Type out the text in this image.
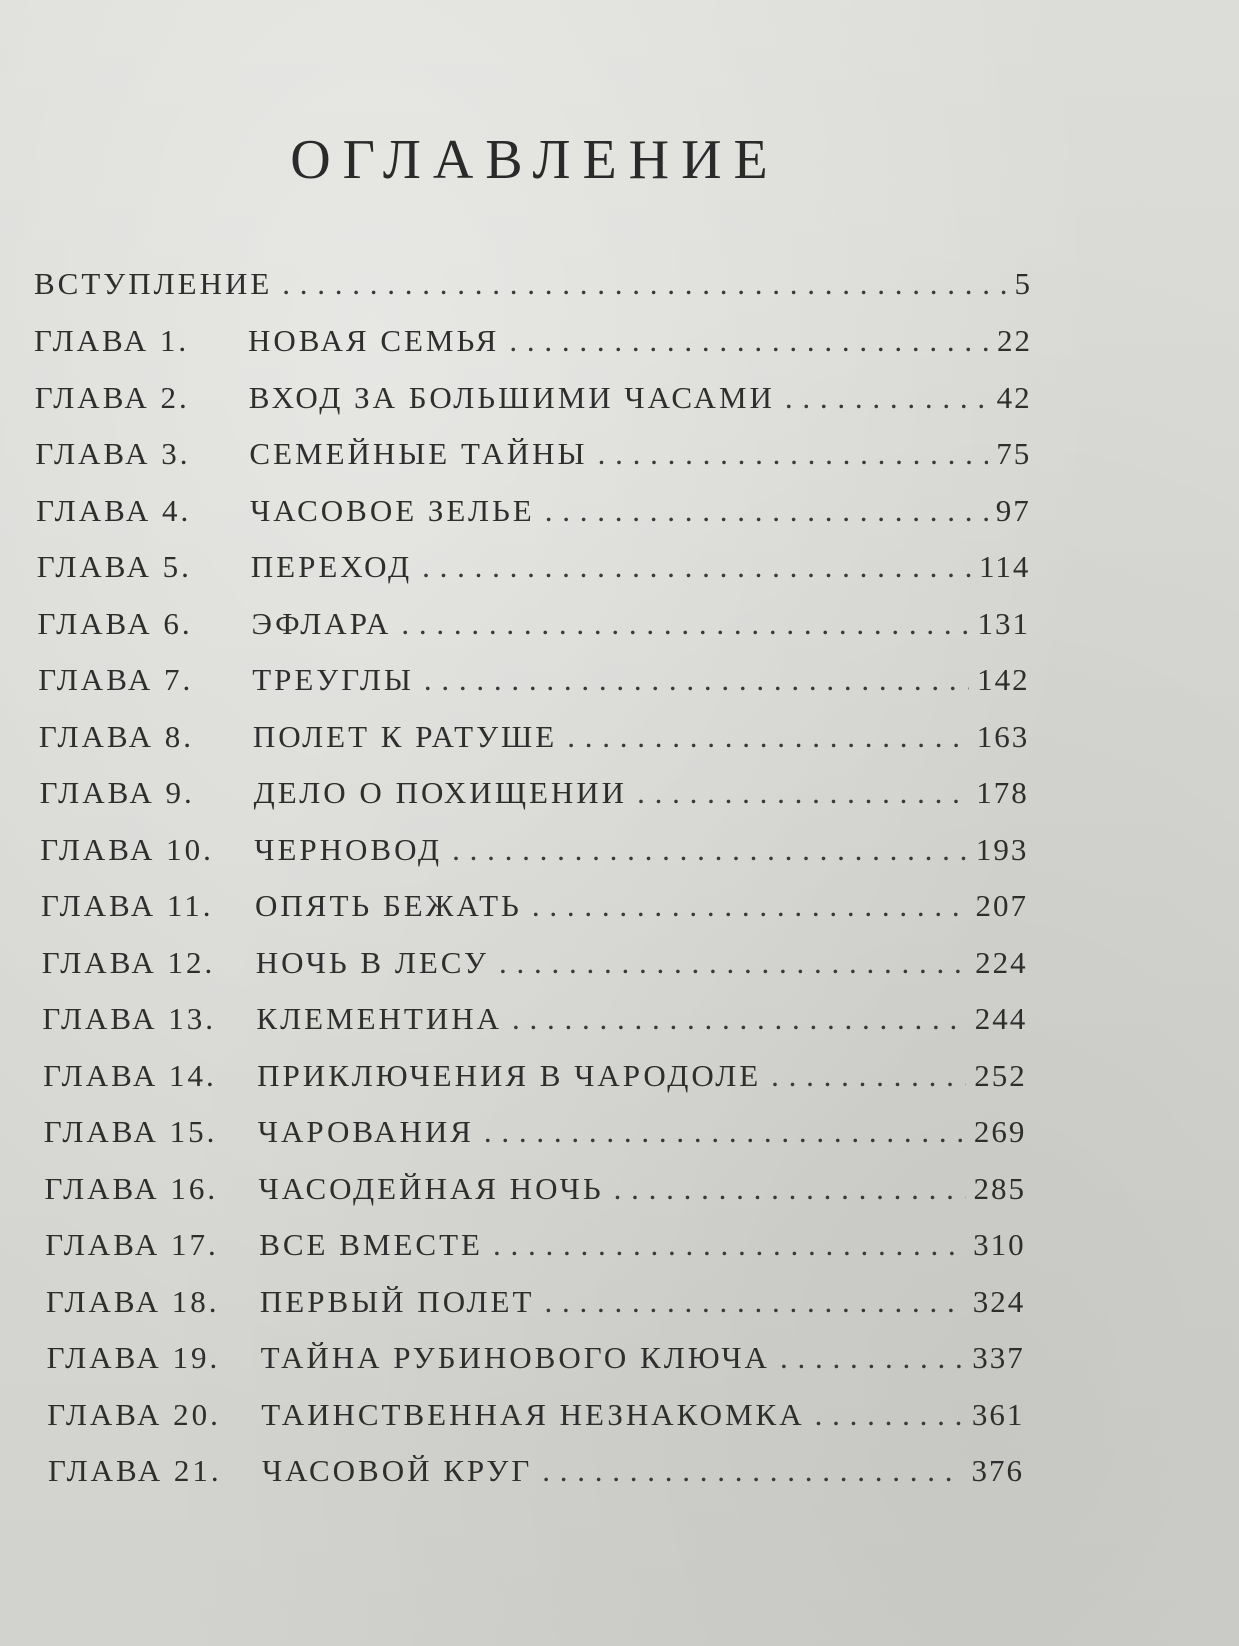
ОГЛАВЛЕНИЕ
ВСТУПЛЕНИЕ . . .	5
ГЛАВА 1.	НОВАЯ СЕМЬЯ . . .	22
ГЛАВА 2.	ВХОД ЗА БОЛЬШИМИ ЧАСАМИ . . .	42
ГЛАВА 3.	СЕМЕЙНЫЕ ТАЙНЫ . . .	75
ГЛАВА 4.	ЧАСОВОЕ ЗЕЛЬЕ . . .	97
ГЛАВА 5.	ПЕРЕХОД . . .	114
ГЛАВА 6.	ЭФЛАРА . . .	131
ГЛАВА 7.	ТРЕУГЛЫ . . .	142
ГЛАВА 8.	ПОЛЕТ К РАТУШЕ . . .	163
ГЛАВА 9.	ДЕЛО О ПОХИЩЕНИИ . . .	178
ГЛАВА 10.	ЧЕРНОВОД . . .	193
ГЛАВА 11.	ОПЯТЬ БЕЖАТЬ . . .	207
ГЛАВА 12.	НОЧЬ В ЛЕСУ . . .	224
ГЛАВА 13.	КЛЕМЕНТИНА . . .	244
ГЛАВА 14.	ПРИКЛЮЧЕНИЯ В ЧАРОДОЛЕ . . .	252
ГЛАВА 15.	ЧАРОВАНИЯ . . .	269
ГЛАВА 16.	ЧАСОДЕЙНАЯ НОЧЬ . . .	285
ГЛАВА 17.	ВСЕ ВМЕСТЕ . . .	310
ГЛАВА 18.	ПЕРВЫЙ ПОЛЕТ . . .	324
ГЛАВА 19.	ТАЙНА РУБИНОВОГО КЛЮЧА . . .	337
ГЛАВА 20.	ТАИНСТВЕННАЯ НЕЗНАКОМКА . . .	361
ГЛАВА 21.	ЧАСОВОЙ КРУГ . . .	376
